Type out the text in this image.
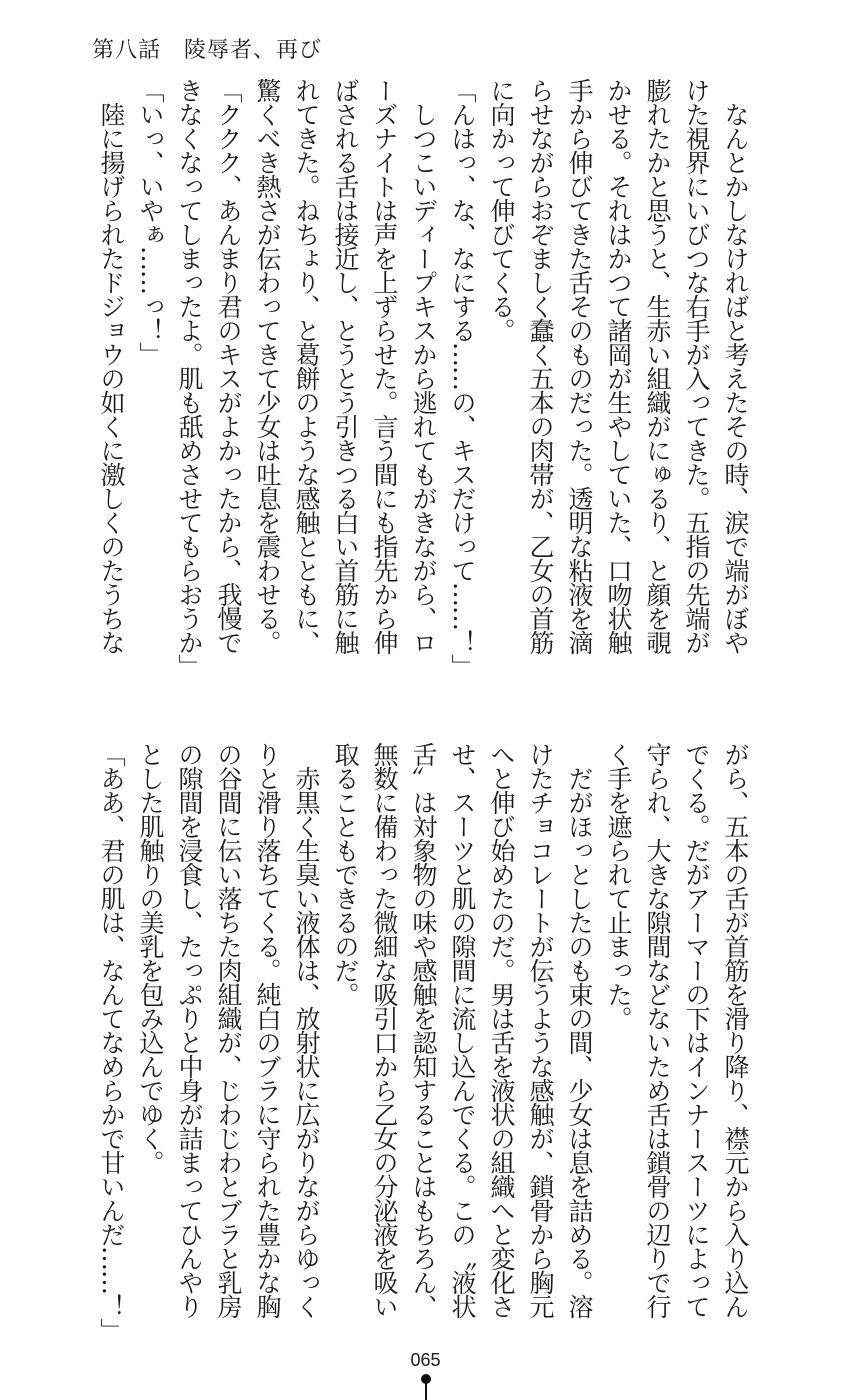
第八話　陵辱者、再び
　なんとかしなければと考えたその時、涙で端がぼや
けた視界にいびつな右手が入ってきた。五指の先端が
膨れたかと思うと、生赤い組織がにゅるり、と顔を覗
かせる。それはかつて諸岡が生やしていた、口吻状触
手から伸びてきた舌そのものだった。透明な粘液を滴
らせながらおぞましく蠢く五本の肉帯が、乙女の首筋
に向かって伸びてくる。
「んはっ、な、なにする……の、キスだけって……！」
　しつこいディープキスから逃れてもがきながら、ロ
ーズナイトは声を上ずらせた。言う間にも指先から伸
ばされる舌は接近し、とうとう引きつる白い首筋に触
れてきた。ねちょり、と葛餅のような感触とともに、
驚くべき熱さが伝わってきて少女は吐息を震わせる。
「ククク、あんまり君のキスがよかったから、我慢で
きなくなってしまったよ。肌も舐めさせてもらおうか」
「いっ、いやぁ……っ！」
　陸に揚げられたドジョウの如くに激しくのたうちな
がら、五本の舌が首筋を滑り降り、襟元から入り込ん
でくる。だがアーマーの下はインナースーツによって
守られ、大きな隙間などないため舌は鎖骨の辺りで行
く手を遮られて止まった。
　だがほっとしたのも束の間、少女は息を詰める。溶
けたチョコレートが伝うような感触が、鎖骨から胸元
へと伸び始めたのだ。男は舌を液状の組織へと変化さ
せ、スーツと肌の隙間に流し込んでくる。この〝液状
舌〟は対象物の味や感触を認知することはもちろん、
無数に備わった微細な吸引口から乙女の分泌液を吸い
取ることもできるのだ。
　赤黒く生臭い液体は、放射状に広がりながらゆっく
りと滑り落ちてくる。純白のブラに守られた豊かな胸
の谷間に伝い落ちた肉組織が、じわじわとブラと乳房
の隙間を浸食し、たっぷりと中身が詰まってひんやり
とした肌触りの美乳を包み込んでゆく。
「ああ、君の肌は、なんてなめらかで甘いんだ……！」
065
